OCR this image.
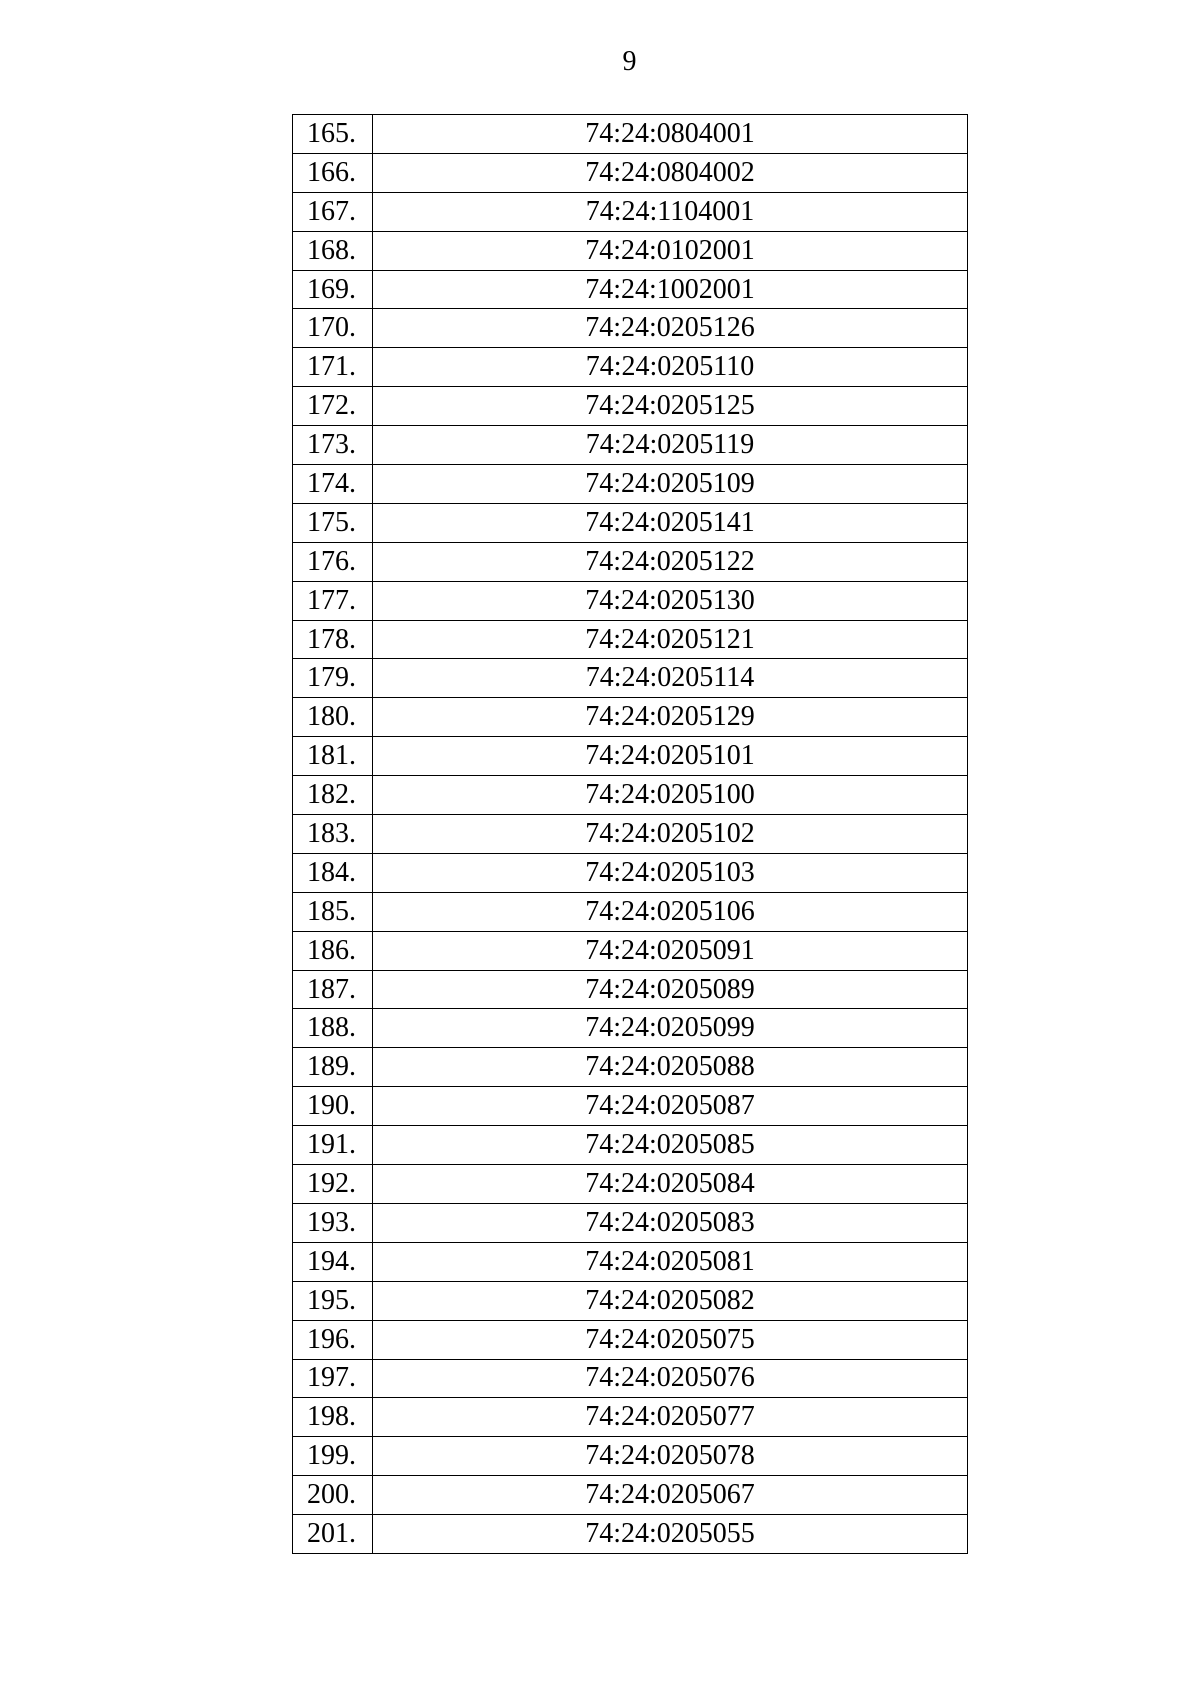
9
165.	74:24:0804001
166.	74:24:0804002
167.	74:24:1104001
168.	74:24:0102001
169.	74:24:1002001
170.	74:24:0205126
171.	74:24:0205110
172.	74:24:0205125
173.	74:24:0205119
174.	74:24:0205109
175.	74:24:0205141
176.	74:24:0205122
177.	74:24:0205130
178.	74:24:0205121
179.	74:24:0205114
180.	74:24:0205129
181.	74:24:0205101
182.	74:24:0205100
183.	74:24:0205102
184.	74:24:0205103
185.	74:24:0205106
186.	74:24:0205091
187.	74:24:0205089
188.	74:24:0205099
189.	74:24:0205088
190.	74:24:0205087
191.	74:24:0205085
192.	74:24:0205084
193.	74:24:0205083
194.	74:24:0205081
195.	74:24:0205082
196.	74:24:0205075
197.	74:24:0205076
198.	74:24:0205077
199.	74:24:0205078
200.	74:24:0205067
201.	74:24:0205055
